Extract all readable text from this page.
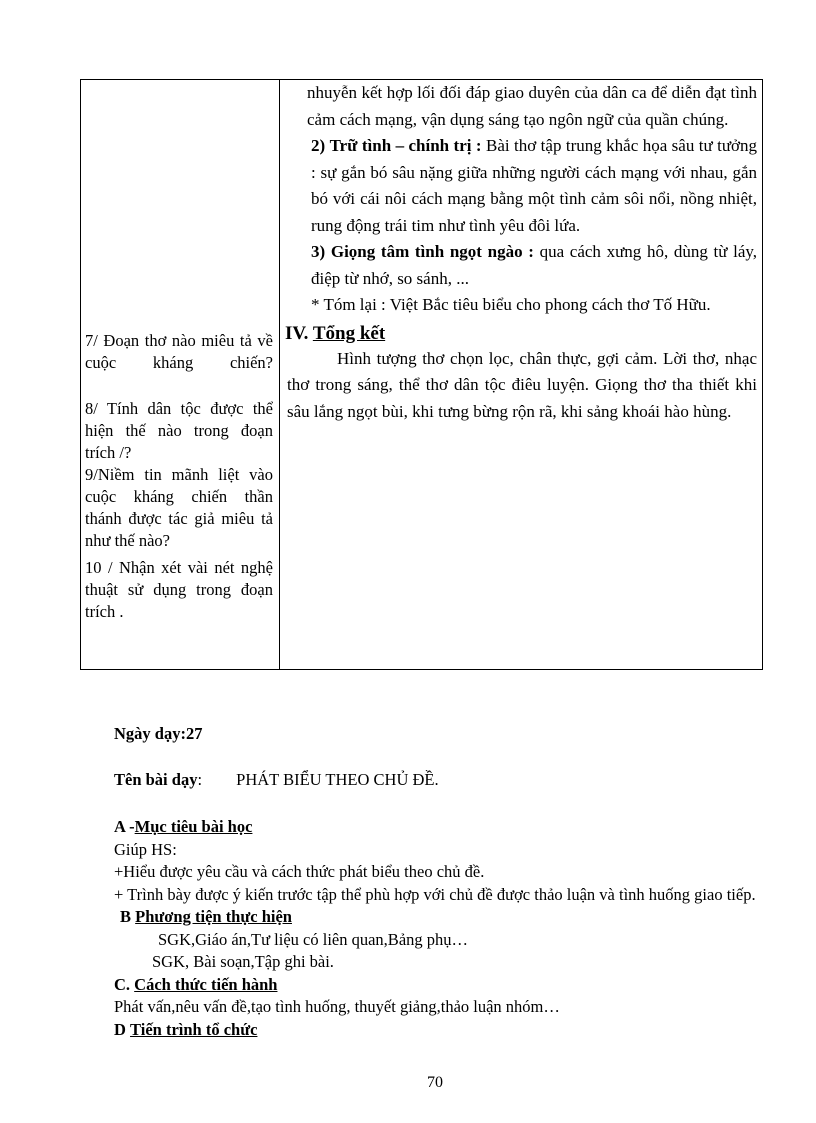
7/ Đoạn thơ nào miêu tả về cuộc kháng chiến?

8/ Tính dân tộc được thể hiện thế nào trong đoạn trích /?

9/Niềm tin mãnh liệt vào cuộc kháng chiến thần thánh được tác giả miêu tả như thế nào?

10 / Nhận xét vài nét nghệ thuật sử dụng trong đoạn trích .

nhuyễn kết hợp lối đối đáp giao duyên của dân ca để diễn đạt tình cảm cách mạng, vận dụng sáng tạo ngôn ngữ của quần chúng.

2) Trữ tình – chính trị : Bài thơ tập trung khắc họa sâu tư tưởng : sự gắn bó sâu nặng giữa những người cách mạng với nhau, gắn bó với cái nôi cách mạng bằng một tình cảm sôi nổi, nồng nhiệt, rung động trái tim như tình yêu đôi lứa.

3) Giọng tâm tình ngọt ngào : qua cách xưng hô, dùng từ láy, điệp từ nhớ, so sánh, ...

* Tóm lại : Việt Bắc tiêu biểu cho phong cách thơ Tố Hữu.

IV. Tổng kết

Hình tượng thơ chọn lọc, chân thực, gợi cảm. Lời thơ, nhạc thơ trong sáng, thể thơ dân tộc điêu luyện. Giọng thơ tha thiết khi sâu lắng ngọt bùi, khi tưng bừng rộn rã, khi sảng khoái hào hùng.

Ngày dạy:27

Tên bài dạy: PHÁT BIỂU THEO CHỦ ĐỀ.

A -Mục tiêu bài học

Giúp HS:

+Hiểu được yêu cầu và cách thức phát biểu theo chủ đề.

+ Trình bày được ý kiến trước tập thể phù hợp với chủ đề được thảo luận và tình huống giao tiếp.

B Phương tiện thực hiện

SGK,Giáo án,Tư liệu có liên quan,Bảng phụ…

SGK, Bài soạn,Tập ghi bài.

C. Cách thức tiến hành

Phát vấn,nêu vấn đề,tạo tình huống, thuyết giảng,thảo luận nhóm…

D Tiến trình tổ chức

70
